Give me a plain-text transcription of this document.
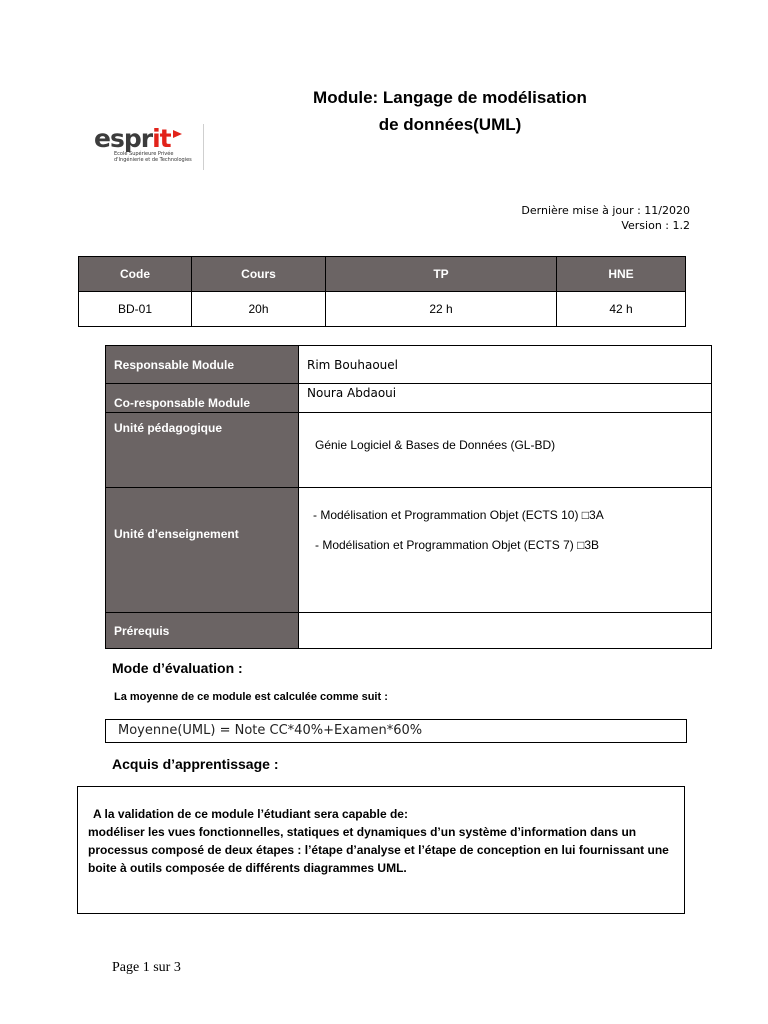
Module: Langage de modélisation
de données(UML)
esprit
Ecole Supérieure Privée
d'Ingénierie et de Technologies
Dernière mise à jour : 11/2020
Version : 1.2
Code	Cours	TP	HNE
BD-01	20h	22 h	42 h
Responsable Module	Rim Bouhaouel
Co-responsable Module	Noura Abdaoui
Unité pédagogique	Génie Logiciel & Bases de Données (GL-BD)
Unité d’enseignement	- Modélisation et Programmation Objet (ECTS 10) □3A
- Modélisation et Programmation Objet (ECTS 7) □3B

Prérequis	
Mode d’évaluation :
La moyenne de ce module est calculée comme suit :
Moyenne(UML) = Note CC*40%+Examen*60%
Acquis d’apprentissage :
A la validation de ce module l’étudiant sera capable de:
modéliser les vues fonctionnelles, statiques et dynamiques d’un système d’information dans un processus composé de deux étapes : l’étape d’analyse et l’étape de conception en lui fournissant une boite à outils composée de différents diagrammes UML.
Page 1 sur 3
